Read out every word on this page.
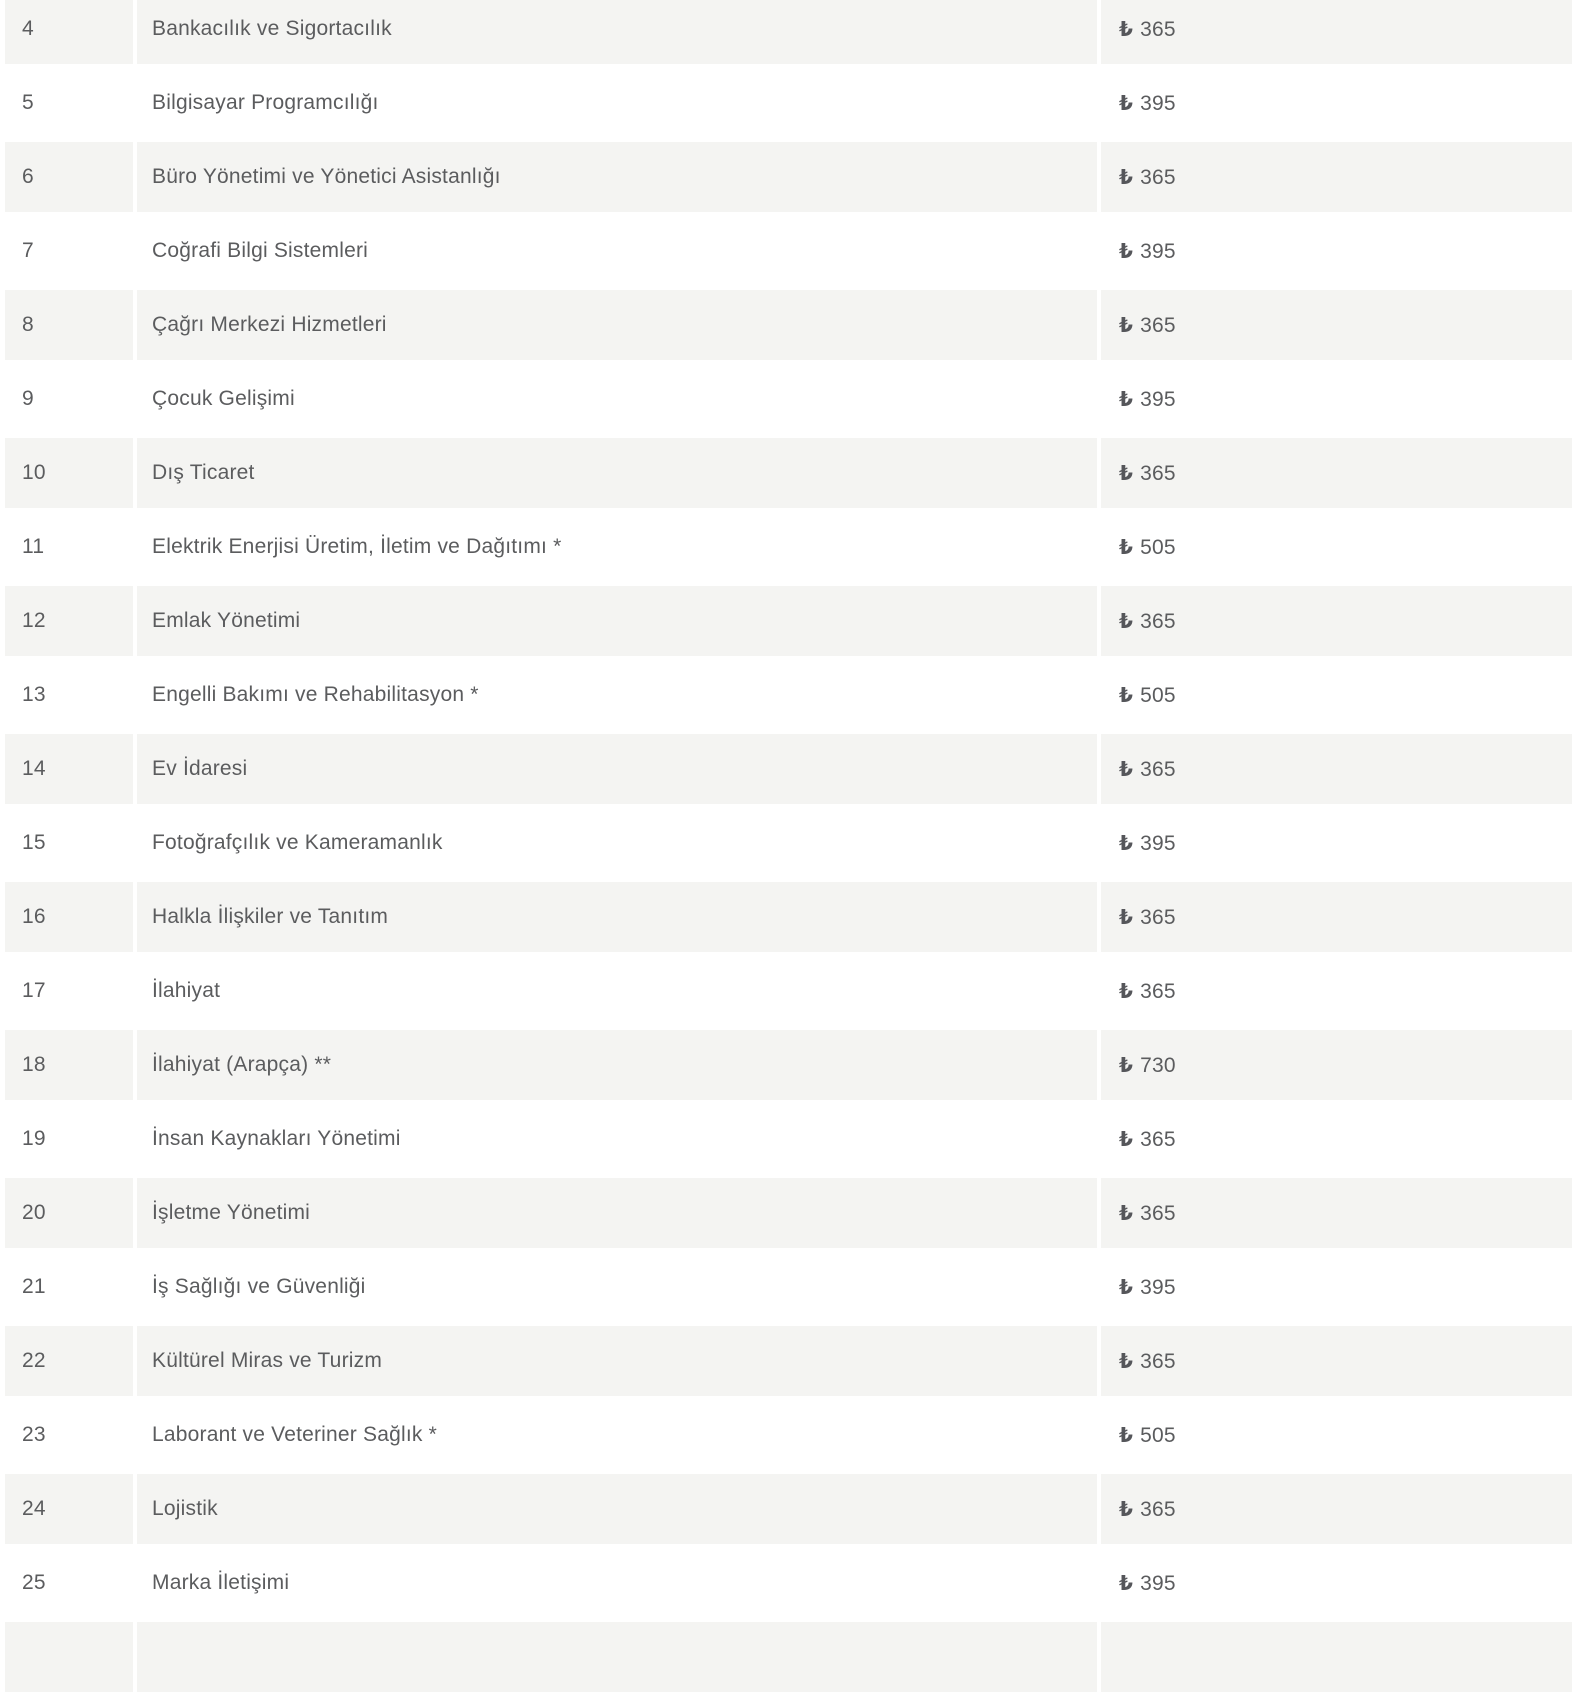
4	Bankacılık ve Sigortacılık	₺ 365
5	Bilgisayar Programcılığı	₺ 395
6	Büro Yönetimi ve Yönetici Asistanlığı	₺ 365
7	Coğrafi Bilgi Sistemleri	₺ 395
8	Çağrı Merkezi Hizmetleri	₺ 365
9	Çocuk Gelişimi	₺ 395
10	Dış Ticaret	₺ 365
11	Elektrik Enerjisi Üretim, İletim ve Dağıtımı *	₺ 505
12	Emlak Yönetimi	₺ 365
13	Engelli Bakımı ve Rehabilitasyon *	₺ 505
14	Ev İdaresi	₺ 365
15	Fotoğrafçılık ve Kameramanlık	₺ 395
16	Halkla İlişkiler ve Tanıtım	₺ 365
17	İlahiyat	₺ 365
18	İlahiyat (Arapça) **	₺ 730
19	İnsan Kaynakları Yönetimi	₺ 365
20	İşletme Yönetimi	₺ 365
21	İş Sağlığı ve Güvenliği	₺ 395
22	Kültürel Miras ve Turizm	₺ 365
23	Laborant ve Veteriner Sağlık *	₺ 505
24	Lojistik	₺ 365
25	Marka İletişimi	₺ 395
